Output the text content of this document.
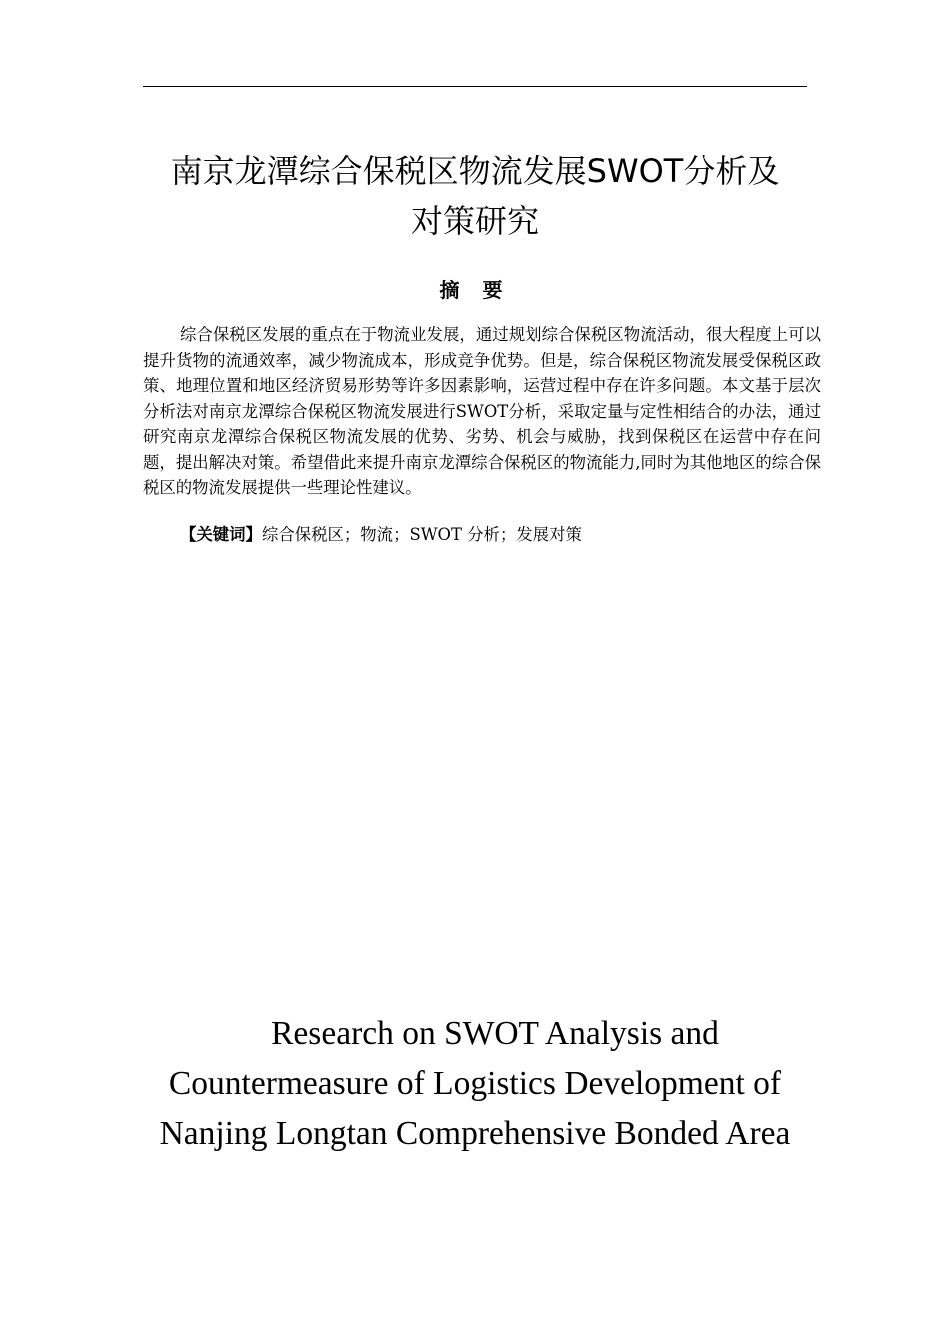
南京龙潭综合保税区物流发展SWOT分析及
对策研究
摘 要

综合保税区发展的重点在于物流业发展，通过规划综合保税区物流活动，很大程度上可以提升货物的流通效率，减少物流成本，形成竞争优势。但是，综合保税区物流发展受保税区政策、地理位置和地区经济贸易形势等许多因素影响，运营过程中存在许多问题。本文基于层次分析法对南京龙潭综合保税区物流发展进行SWOT分析，采取定量与定性相结合的办法，通过研究南京龙潭综合保税区物流发展的优势、劣势、机会与威胁，找到保税区在运营中存在问题，提出解决对策。希望借此来提升南京龙潭综合保税区的物流能力,同时为其他地区的综合保税区的物流发展提供一些理论性建议。

【关键词】综合保税区；物流；SWOT 分析；发展对策
Research on SWOT Analysis and
Countermeasure of Logistics Development of
Nanjing Longtan Comprehensive Bonded Area
